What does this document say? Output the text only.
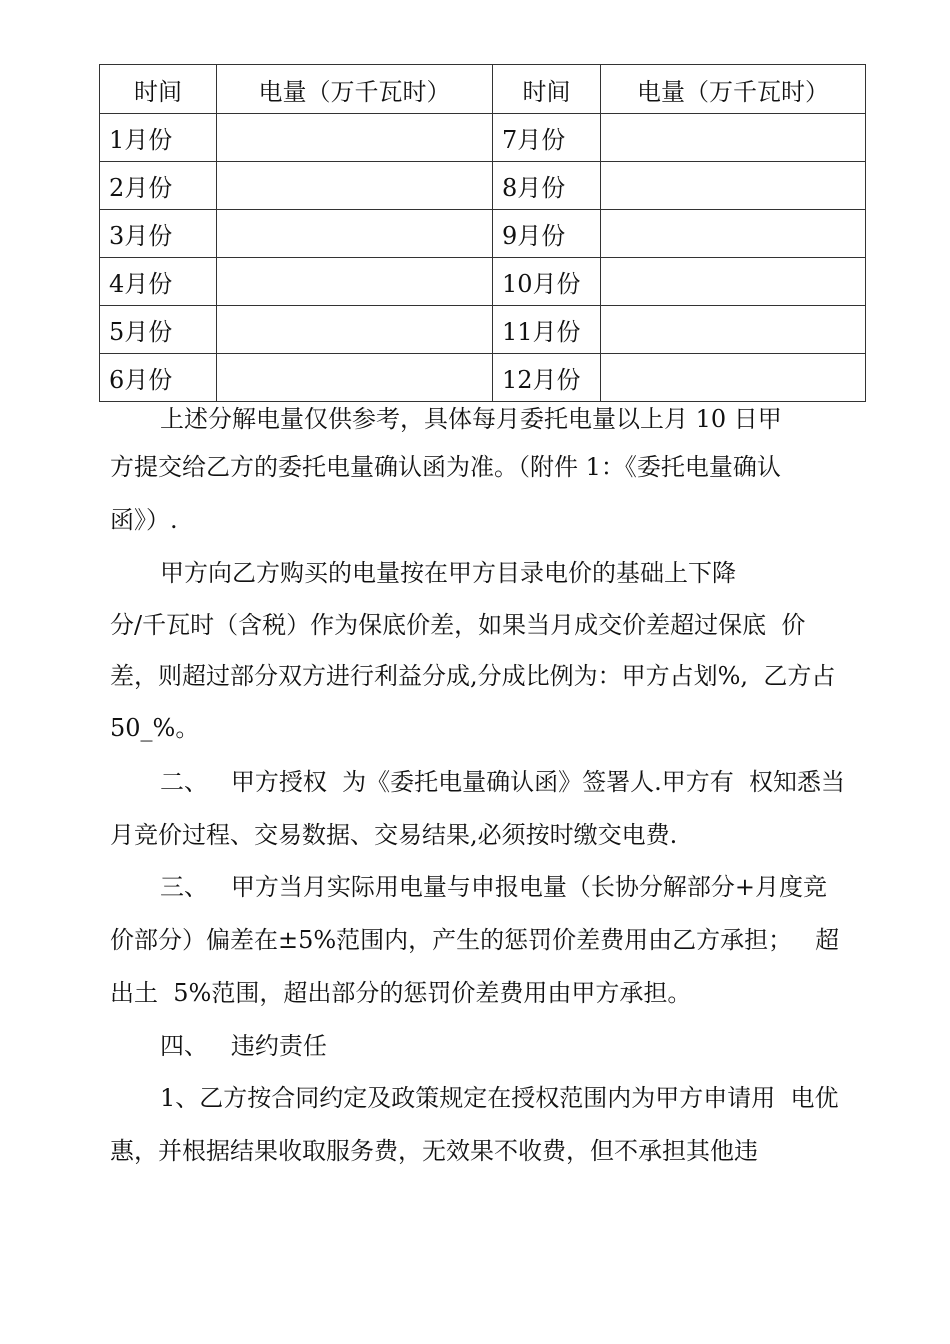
时间	电量（万千瓦时）	时间	电量（万千瓦时）
1月份		7月份	
2月份		8月份	
3月份		9月份	
4月份		10月份	
5月份		11月份	
6月份		12月份	
上述分解电量仅供参考，具体每月委托电量以上月 10 日甲
方提交给乙方的委托电量确认函为准。（附件 1：《委托电量确认
函》）.
甲方向乙方购买的电量按在甲方目录电价的基础上下降
分/千瓦时（含税）作为保底价差，如果当月成交价差超过保底  价
差，则超过部分双方进行利益分成,分成比例为：甲方占划%,  乙方占
50_%。
二、   甲方授权  为《委托电量确认函》签署人.甲方有  权知悉当
月竞价过程、交易数据、交易结果,必须按时缴交电费.
三、   甲方当月实际用电量与申报电量（长协分解部分+月度竞
价部分）偏差在±5%范围内，产生的惩罚价差费用由乙方承担；   超
出土  5%范围，超出部分的惩罚价差费用由甲方承担。
四、   违约责任
1、乙方按合同约定及政策规定在授权范围内为甲方申请用  电优
惠，并根据结果收取服务费，无效果不收费，但不承担其他违
